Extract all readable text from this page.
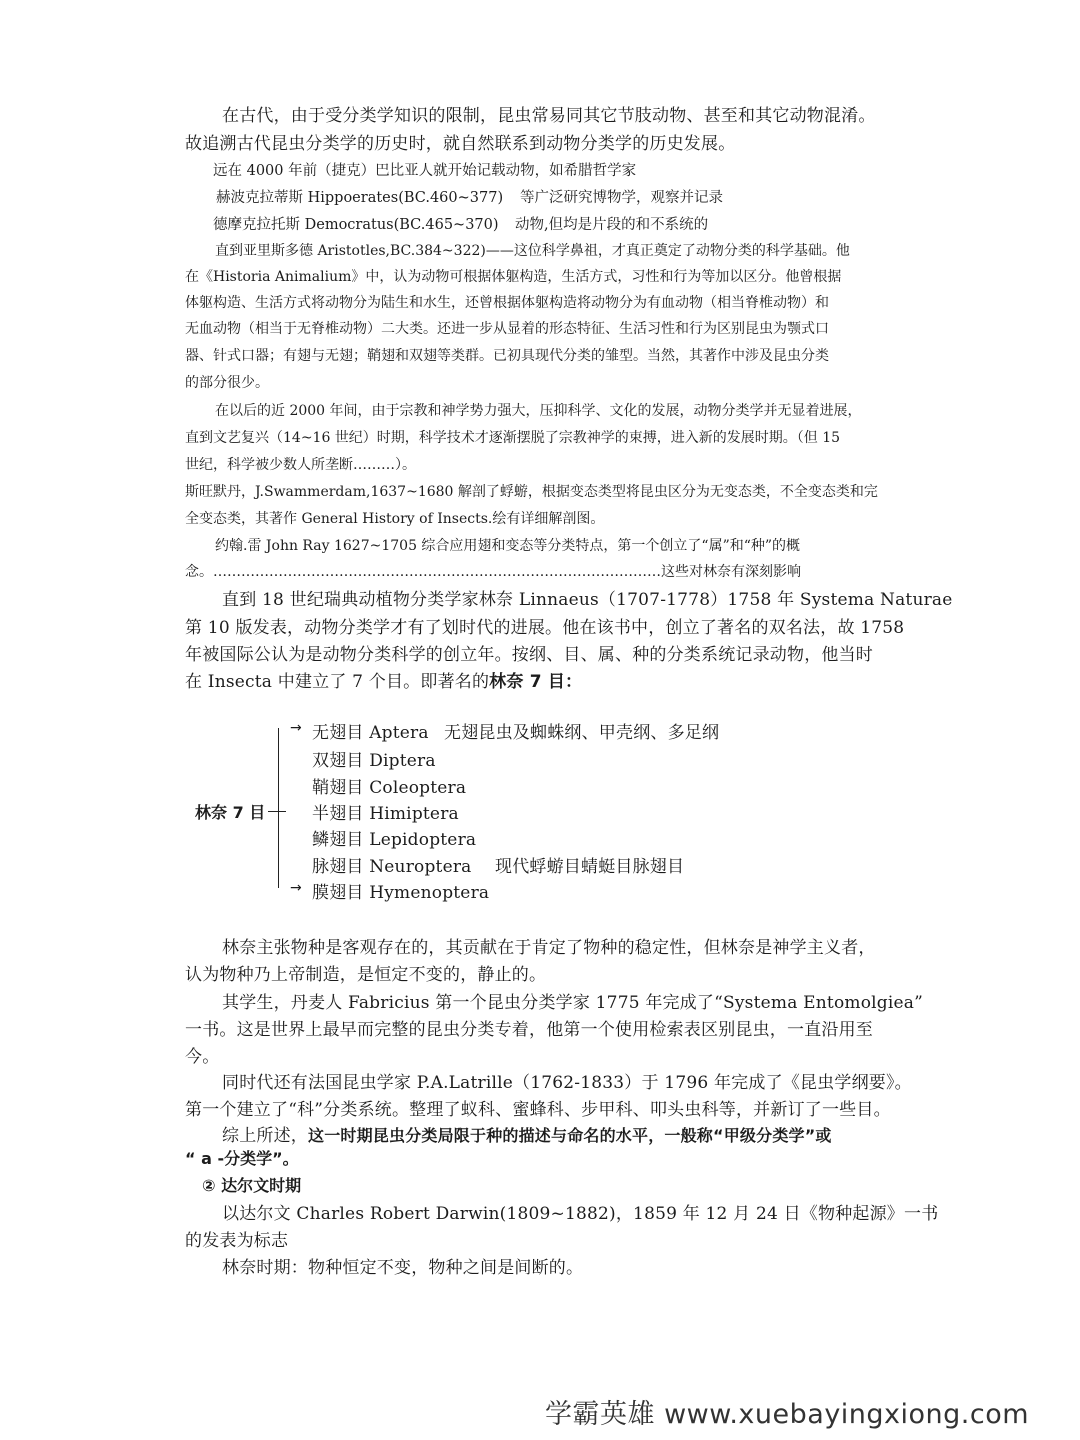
在古代，由于受分类学知识的限制，昆虫常易同其它节肢动物、甚至和其它动物混淆。

故追溯古代昆虫分类学的历史时，就自然联系到动物分类学的历史发展。

远在 4000 年前（捷克）巴比亚人就开始记载动物，如希腊哲学家

赫波克拉蒂斯 Hippoerates(BC.460~377) 等广泛研究博物学，观察并记录

德摩克拉托斯 Democratus(BC.465~370) 动物,但均是片段的和不系统的

直到亚里斯多德 Aristotles,BC.384~322)——这位科学鼻祖，才真正奠定了动物分类的科学基础。他

在《Historia Animalium》中，认为动物可根据体躯构造，生活方式，习性和行为等加以区分。他曾根据

体躯构造、生活方式将动物分为陆生和水生，还曾根据体躯构造将动物分为有血动物（相当脊椎动物）和

无血动物（相当于无脊椎动物）二大类。还进一步从显着的形态特征、生活习性和行为区别昆虫为颚式口

器、针式口器；有翅与无翅；鞘翅和双翅等类群。已初具现代分类的雏型。当然，其著作中涉及昆虫分类

的部分很少。

在以后的近 2000 年间，由于宗教和神学势力强大，压抑科学、文化的发展，动物分类学并无显着进展，

直到文艺复兴（14~16 世纪）时期，科学技术才逐渐摆脱了宗教神学的束搏，进入新的发展时期。（但 15

世纪，科学被少数人所垄断………）。

斯旺默丹，J.Swammerdam,1637~1680 解剖了蜉蝣，根据变态类型将昆虫区分为无变态类，不全变态类和完

全变态类，其著作 General History of Insects.绘有详细解剖图。

约翰.雷 John Ray 1627~1705 综合应用翅和变态等分类特点，第一个创立了“属”和“种”的概

念。……………………………………………………………………………………这些对林奈有深刻影响

直到 18 世纪瑞典动植物分类学家林奈 Linnaeus（1707-1778）1758 年 Systema Naturae

第 10 版发表，动物分类学才有了划时代的进展。他在该书中，创立了著名的双名法，故 1758

年被国际公认为是动物分类科学的创立年。按纲、目、属、种的分类系统记录动物，他当时

在 Insecta 中建立了 7 个目。即著名的林奈 7 目：

林奈 7 目

→ 无翅目 Aptera 无翅昆虫及蜘蛛纲、甲壳纲、多足纲

双翅目 Diptera

鞘翅目 Coleoptera

半翅目 Himiptera

鳞翅目 Lepidoptera

脉翅目 Neuroptera 现代蜉蝣目蜻蜓目脉翅目

→ 膜翅目 Hymenoptera

林奈主张物种是客观存在的，其贡献在于肯定了物种的稳定性，但林奈是神学主义者，

认为物种乃上帝制造，是恒定不变的，静止的。

其学生，丹麦人 Fabricius 第一个昆虫分类学家 1775 年完成了“Systema Entomolgiea”

一书。这是世界上最早而完整的昆虫分类专着，他第一个使用检索表区别昆虫，一直沿用至

今。

同时代还有法国昆虫学家 P.A.Latrille（1762-1833）于 1796 年完成了《昆虫学纲要》。

第一个建立了“科”分类系统。整理了蚁科、蜜蜂科、步甲科、叩头虫科等，并新订了一些目。

综上所述，这一时期昆虫分类局限于种的描述与命名的水平，一般称“甲级分类学”或

“ a -分类学”。

② 达尔文时期

以达尔文 Charles Robert Darwin(1809~1882)，1859 年 12 月 24 日《物种起源》一书

的发表为标志

林奈时期：物种恒定不变，物种之间是间断的。

学霸英雄 www.xuebayingxiong.com
